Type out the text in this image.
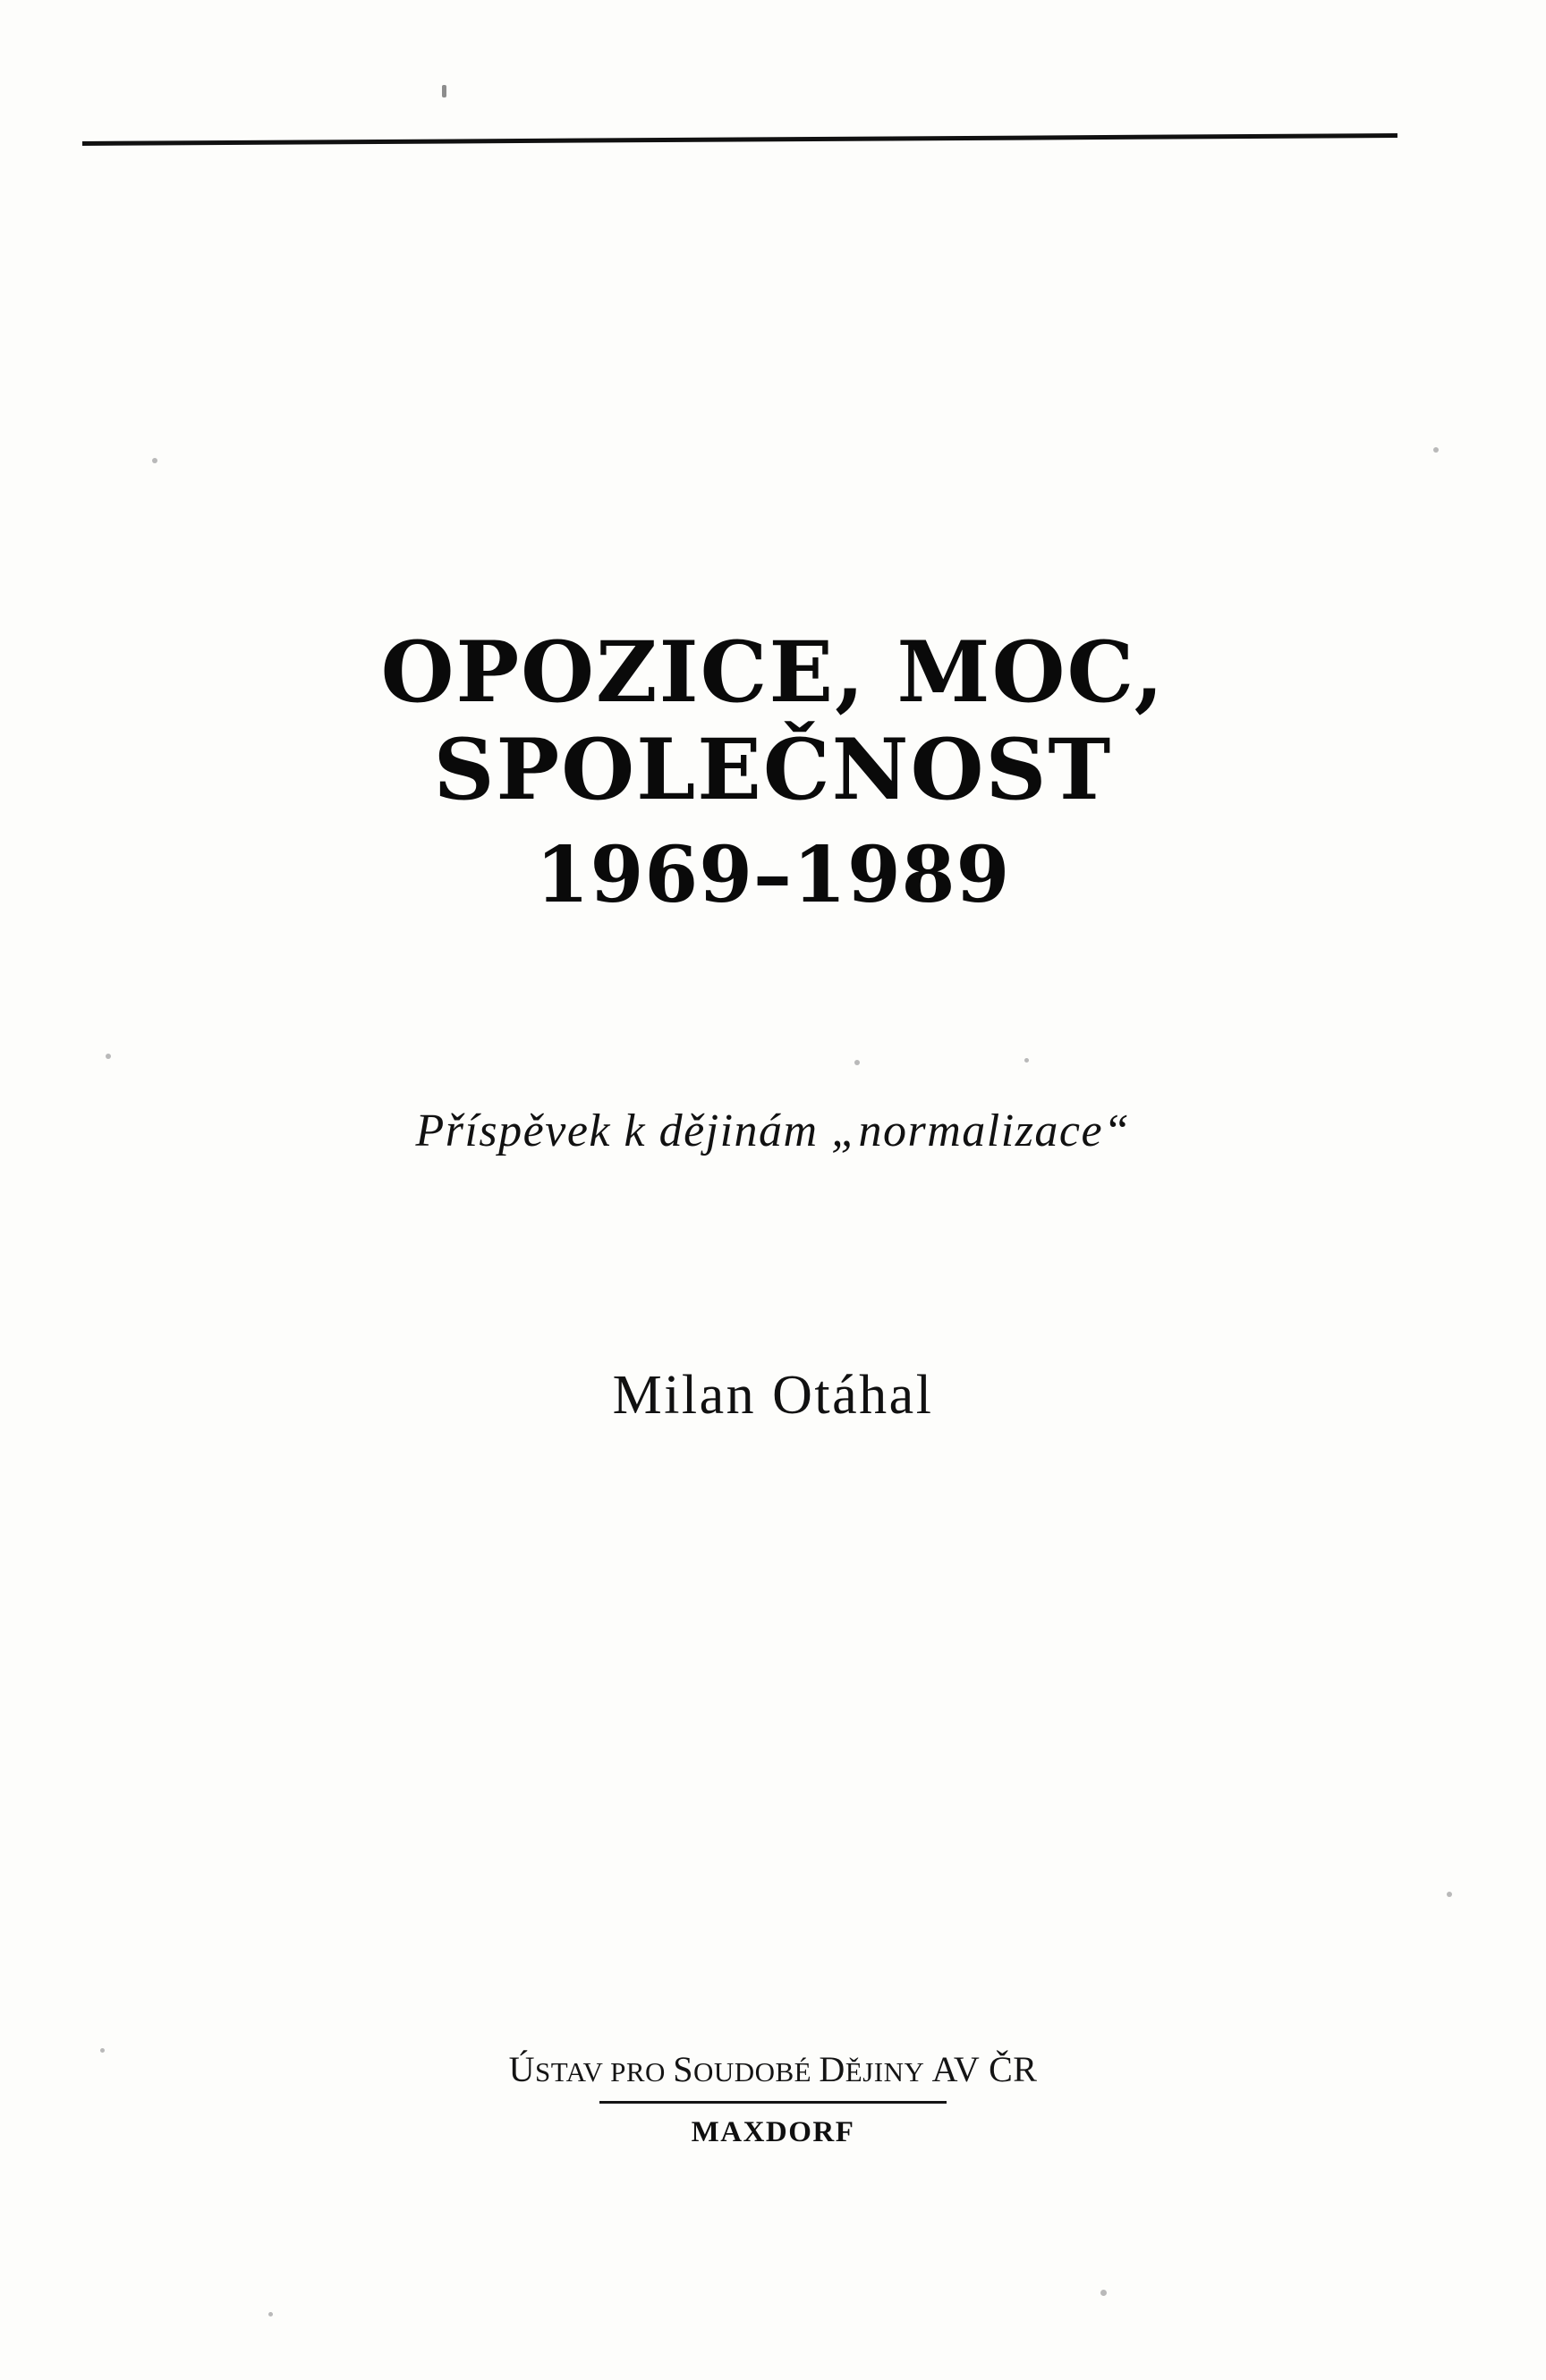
OPOZICE, MOC,
SPOLEČNOST
1969–1989
Příspěvek k dějinám „normalizace“
Milan Otáhal
ÚSTAV PRO SOUDOBÉ DĚJINY AV ČR
MAXDORF
